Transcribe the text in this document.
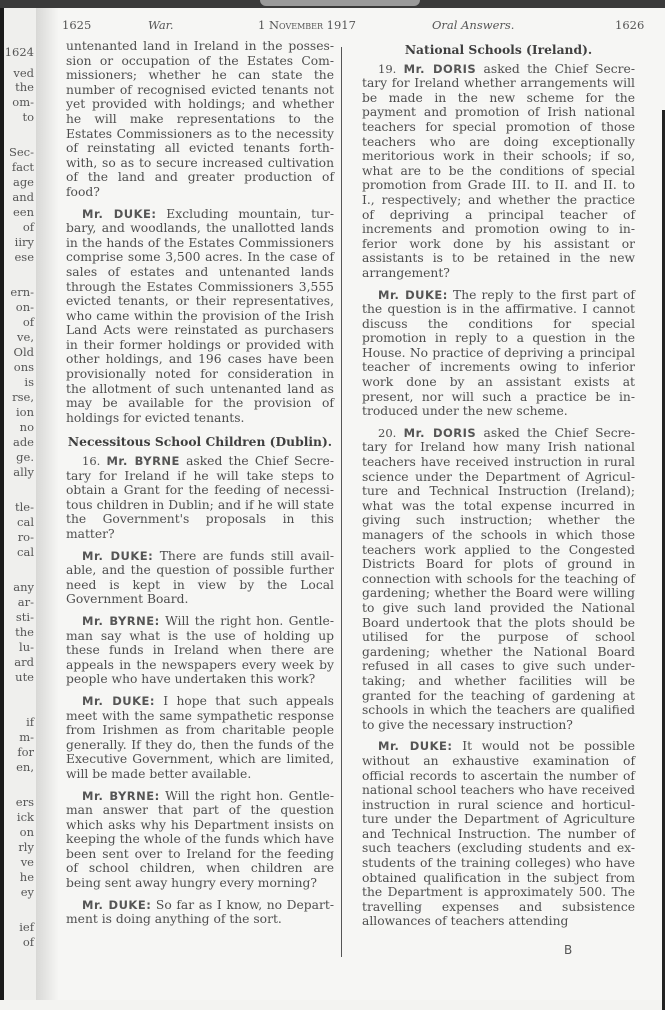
1624
ved
the
om-
to
Sec-
fact
age
and
een
of
iiry
ese
ern-
on-
of
ve,
Old
ons
is
rse,
ion
no
ade
ge.
ally
tle-
cal
ro-
cal
any
ar-
sti-
the
lu-
ard
ute
if
m-
for
en,
ers
ick
on
rly
ve
he
ey
ief
of
1625	War.	1 November 1917	Oral Answers.	1626

untenanted land in Ireland in the possession or occupation of the Estates Commissioners; whether he can state the number of recognised evicted tenants not yet provided with holdings; and whether he will make representations to the Estates Commissioners as to the necessity of reinstating all evicted tenants forthwith, so as to secure increased cultivation of the land and greater production of food?

Mr. DUKE: Excluding mountain, turbary, and woodlands, the unallotted lands in the hands of the Estates Commissioners comprise some 3,500 acres. In the case of sales of estates and untenanted lands through the Estates Commissioners 3,555 evicted tenants, or their representatives, who came within the provision of the Irish Land Acts were reinstated as purchasers in their former holdings or provided with other holdings, and 196 cases have been provisionally noted for consideration in the allotment of such untenanted land as may be available for the provision of holdings for evicted tenants.

Necessitous School Children (Dublin).

16. Mr. BYRNE asked the Chief Secretary for Ireland if he will take steps to obtain a Grant for the feeding of necessitous children in Dublin; and if he will state the Government's proposals in this matter?

Mr. DUKE: There are funds still available, and the question of possible further need is kept in view by the Local Government Board.

Mr. BYRNE: Will the right hon. Gentleman say what is the use of holding up these funds in Ireland when there are appeals in the newspapers every week by people who have undertaken this work?

Mr. DUKE: I hope that such appeals meet with the same sympathetic response from Irishmen as from charitable people generally. If they do, then the funds of the Executive Government, which are limited, will be made better available.

Mr. BYRNE: Will the right hon. Gentleman answer that part of the question which asks why his Department insists on keeping the whole of the funds which have been sent over to Ireland for the feeding of school children, when children are being sent away hungry every morning?

Mr. DUKE: So far as I know, no Department is doing anything of the sort.

National Schools (Ireland).

19. Mr. DORIS asked the Chief Secretary for Ireland whether arrangements will be made in the new scheme for the payment and promotion of Irish national teachers for special promotion of those teachers who are doing exceptionally meritorious work in their schools; if so, what are to be the conditions of special promotion from Grade III. to II. and II. to I., respectively; and whether the practice of depriving a principal teacher of increments and promotion owing to inferior work done by his assistant or assistants is to be retained in the new arrangement?

Mr. DUKE: The reply to the first part of the question is in the affirmative. I cannot discuss the conditions for special promotion in reply to a question in the House. No practice of depriving a principal teacher of increments owing to inferior work done by an assistant exists at present, nor will such a practice be introduced under the new scheme.

20. Mr. DORIS asked the Chief Secretary for Ireland how many Irish national teachers have received instruction in rural science under the Department of Agriculture and Technical Instruction (Ireland); what was the total expense incurred in giving such instruction; whether the managers of the schools in which those teachers work applied to the Congested Districts Board for plots of ground in connection with schools for the teaching of gardening; whether the Board were willing to give such land provided the National Board undertook that the plots should be utilised for the purpose of school gardening; whether the National Board refused in all cases to give such undertaking; and whether facilities will be granted for the teaching of gardening at schools in which the teachers are qualified to give the necessary instruction?

Mr. DUKE: It would not be possible without an exhaustive examination of official records to ascertain the number of national school teachers who have received instruction in rural science and horticulture under the Department of Agriculture and Technical Instruction. The number of such teachers (excluding students and ex-students of the training colleges) who have obtained qualification in the subject from the Department is approximately 500. The travelling expenses and subsistence allowances of teachers attending

B
